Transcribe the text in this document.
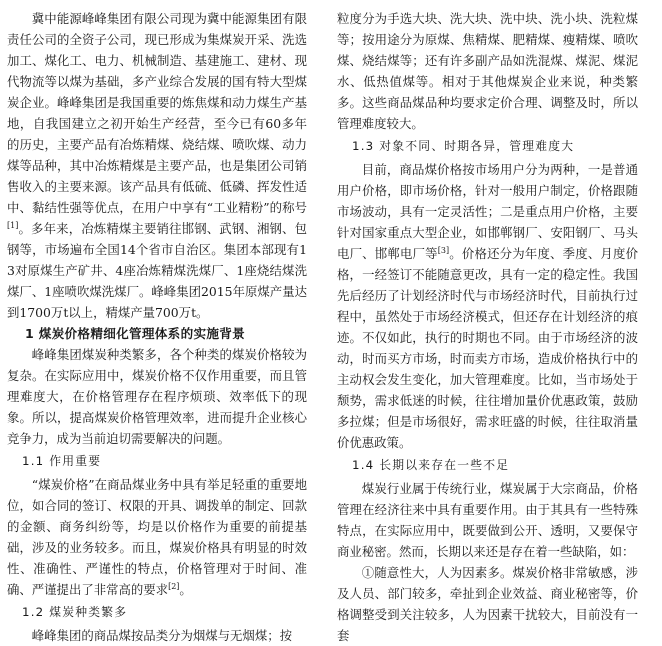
冀中能源峰峰集团有限公司现为冀中能源集团有限责任公司的全资子公司，现已形成为集煤炭开采、洗选加工、煤化工、电力、机械制造、基建施工、建材、现代物流等以煤为基础，多产业综合发展的国有特大型煤炭企业。峰峰集团是我国重要的炼焦煤和动力煤生产基地，自我国建立之初开始生产经营，至今已有60多年的历史，主要产品有冶炼精煤、烧结煤、喷吹煤、动力煤等品种，其中冶炼精煤是主要产品，也是集团公司销售收入的主要来源。该产品具有低硫、低磷、挥发性适中、黏结性强等优点，在用户中享有“工业精粉”的称号[1]。多年来，冶炼精煤主要销往邯钢、武钢、湘钢、包钢等，市场遍布全国14个省市自治区。集团本部现有13对原煤生产矿井、4座冶炼精煤洗煤厂、1座烧结煤洗煤厂、1座喷吹煤洗煤厂。峰峰集团2015年原煤产量达到1700万t以上，精煤产量700万t。

1 煤炭价格精细化管理体系的实施背景

峰峰集团煤炭种类繁多，各个种类的煤炭价格较为复杂。在实际应用中，煤炭价格不仅作用重要，而且管理难度大，在价格管理存在程序烦琐、效率低下的现象。所以，提高煤炭价格管理效率，进而提升企业核心竞争力，成为当前迫切需要解决的问题。

1.1 作用重要

“煤炭价格”在商品煤业务中具有举足轻重的重要地位，如合同的签订、权限的开具、调拨单的制定、回款的金额、商务纠纷等，均是以价格作为重要的前提基础，涉及的业务较多。而且，煤炭价格具有明显的时效性、准确性、严谨性的特点，价格管理对于时间、准确、严谨提出了非常高的要求[2]。

1.2 煤炭种类繁多

峰峰集团的商品煤按品类分为烟煤与无烟煤；按

粒度分为手选大块、洗大块、洗中块、洗小块、洗粒煤等；按用途分为原煤、焦精煤、肥精煤、瘦精煤、喷吹煤、烧结煤等；还有许多副产品如洗混煤、煤泥、煤泥水、低热值煤等。相对于其他煤炭企业来说，种类繁多。这些商品煤品种均要求定价合理、调整及时，所以管理难度较大。

1.3 对象不同、时期各异，管理难度大

目前，商品煤价格按市场用户分为两种，一是普通用户价格，即市场价格，针对一般用户制定，价格跟随市场波动，具有一定灵活性；二是重点用户价格，主要针对国家重点大型企业，如邯郸钢厂、安阳钢厂、马头电厂、邯郸电厂等[3]。价格还分为年度、季度、月度价格，一经签订不能随意更改，具有一定的稳定性。我国先后经历了计划经济时代与市场经济时代，目前执行过程中，虽然处于市场经济模式，但还存在计划经济的痕迹。不仅如此，执行的时期也不同。由于市场经济的波动，时而买方市场，时而卖方市场，造成价格执行中的主动权会发生变化，加大管理难度。比如，当市场处于颓势，需求低迷的时候，往往增加量价优惠政策，鼓励多拉煤；但是市场很好，需求旺盛的时候，往往取消量价优惠政策。

1.4 长期以来存在一些不足

煤炭行业属于传统行业，煤炭属于大宗商品，价格管理在经济往来中具有重要作用。由于其具有一些特殊特点，在实际应用中，既要做到公开、透明，又要保守商业秘密。然而，长期以来还是存在着一些缺陷，如：

①随意性大，人为因素多。煤炭价格非常敏感，涉及人员、部门较多，牵扯到企业效益、商业秘密等，价格调整受到关注较多，人为因素干扰较大，目前没有一套
